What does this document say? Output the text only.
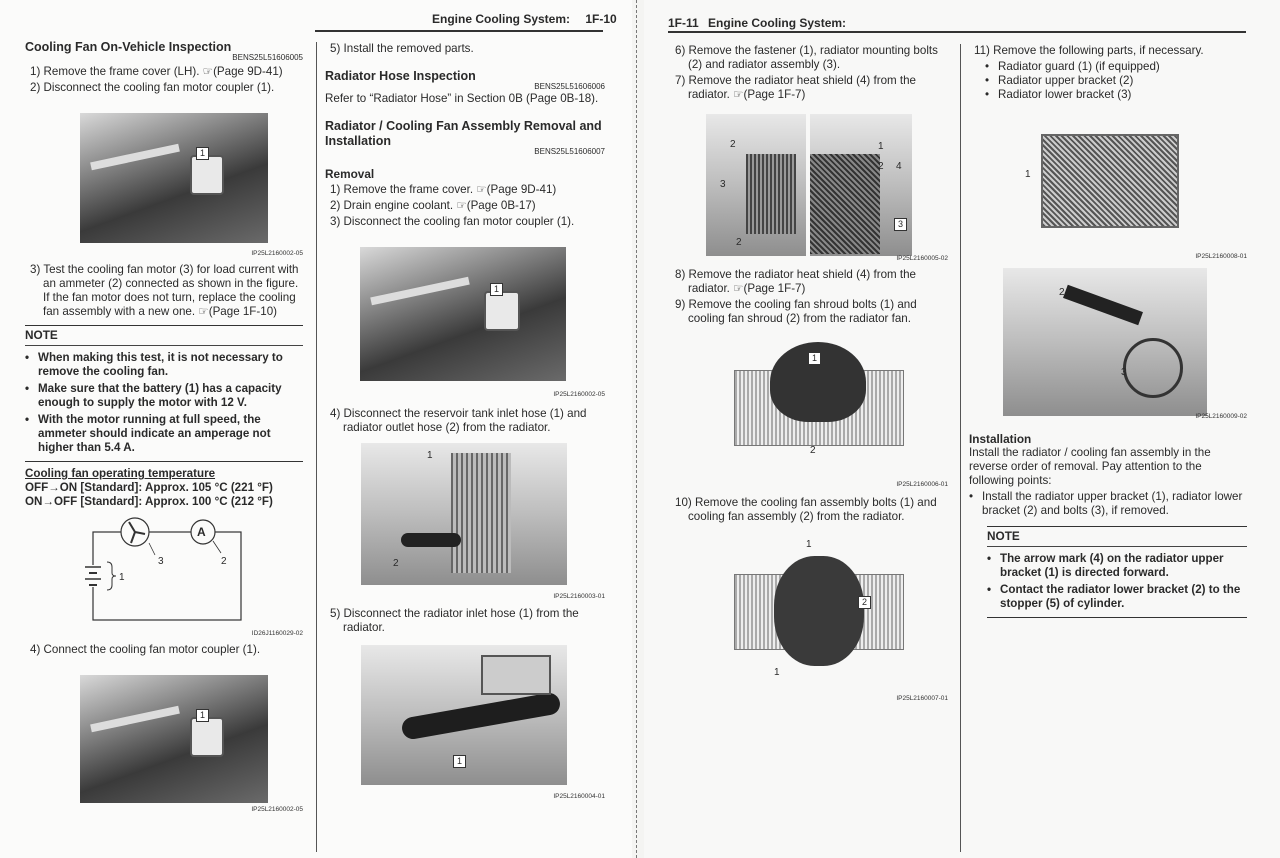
Engine Cooling System: 1F-10
Cooling Fan On-Vehicle Inspection
BENS25L51606005
1) Remove the frame cover (LH). ☞(Page 9D-41)
2) Disconnect the cooling fan motor coupler (1).
1
IP25L2160002-05
3) Test the cooling fan motor (3) for load current with an ammeter (2) connected as shown in the figure.
If the fan motor does not turn, replace the cooling fan assembly with a new one. ☞(Page 1F-10)
NOTE
• When making this test, it is not necessary to remove the cooling fan.
• Make sure that the battery (1) has a capacity enough to supply the motor with 12 V.
• With the motor running at full speed, the ammeter should indicate an amperage not higher than 5.4 A.
Cooling fan operating temperature
OFF→ON [Standard]: Approx. 105 °C (221 °F)
ON→OFF [Standard]: Approx. 100 °C (212 °F)
A
3	2
1
ID26J1160029-02
4) Connect the cooling fan motor coupler (1).
1
IP25L2160002-05
5) Install the removed parts.
Radiator Hose Inspection
BENS25L51606006
Refer to “Radiator Hose” in Section 0B (Page 0B-18).
Radiator / Cooling Fan Assembly Removal and Installation
BENS25L51606007
Removal
1) Remove the frame cover. ☞(Page 9D-41)
2) Drain engine coolant. ☞(Page 0B-17)
3) Disconnect the cooling fan motor coupler (1).
1
IP25L2160002-05
4) Disconnect the reservoir tank inlet hose (1) and radiator outlet hose (2) from the radiator.
1
2
IP25L2160003-01
5) Disconnect the radiator inlet hose (1) from the radiator.
1
IP25L2160004-01
1F-11 Engine Cooling System:
6) Remove the fastener (1), radiator mounting bolts (2) and radiator assembly (3).
7) Remove the radiator heat shield (4) from the radiator. ☞(Page 1F-7)
2
3
2
1
2 4
3
IP25L2160005-02
8) Remove the radiator heat shield (4) from the radiator. ☞(Page 1F-7)
9) Remove the cooling fan shroud bolts (1) and cooling fan shroud (2) from the radiator fan.
1
2
IP25L2160006-01
10) Remove the cooling fan assembly bolts (1) and cooling fan assembly (2) from the radiator.
1
2
1
IP25L2160007-01
11) Remove the following parts, if necessary.
• Radiator guard (1) (if equipped)
• Radiator upper bracket (2)
• Radiator lower bracket (3)
1
IP25L2160008-01
2
3
IP25L2160009-02
Installation
Install the radiator / cooling fan assembly in the reverse order of removal. Pay attention to the following points:
• Install the radiator upper bracket (1), radiator lower bracket (2) and bolts (3), if removed.
NOTE
• The arrow mark (4) on the radiator upper bracket (1) is directed forward.
• Contact the radiator lower bracket (2) to the stopper (5) of cylinder.
